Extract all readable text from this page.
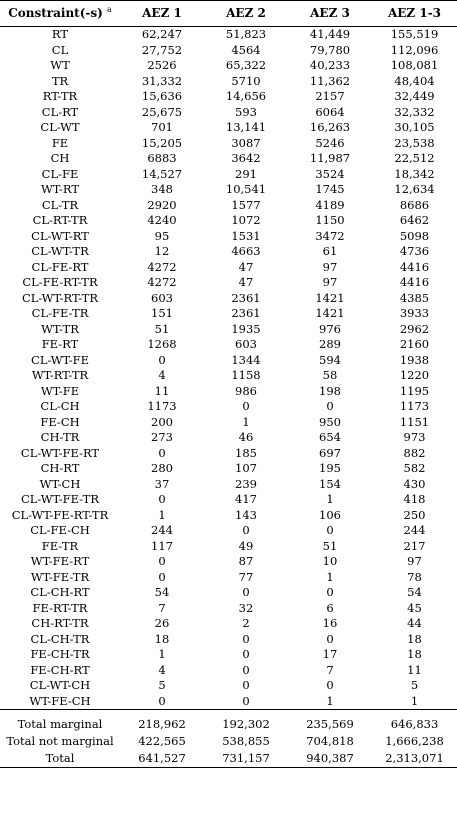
Constraint(-s) $^a$	AEZ 1	AEZ 2	AEZ 3	AEZ 1-3
RT	62,247	51,823	41,449	155,519
CL	27,752	4564	79,780	112,096
WT	2526	65,322	40,233	108,081
TR	31,332	5710	11,362	48,404
RT-TR	15,636	14,656	2157	32,449
CL-RT	25,675	593	6064	32,332
CL-WT	701	13,141	16,263	30,105
FE	15,205	3087	5246	23,538
CH	6883	3642	11,987	22,512
CL-FE	14,527	291	3524	18,342
WT-RT	348	10,541	1745	12,634
CL-TR	2920	1577	4189	8686
CL-RT-TR	4240	1072	1150	6462
CL-WT-RT	95	1531	3472	5098
CL-WT-TR	12	4663	61	4736
CL-FE-RT	4272	47	97	4416
CL-FE-RT-TR	4272	47	97	4416
CL-WT-RT-TR	603	2361	1421	4385
CL-FE-TR	151	2361	1421	3933
WT-TR	51	1935	976	2962
FE-RT	1268	603	289	2160
CL-WT-FE	0	1344	594	1938
WT-RT-TR	4	1158	58	1220
WT-FE	11	986	198	1195
CL-CH	1173	0	0	1173
FE-CH	200	1	950	1151
CH-TR	273	46	654	973
CL-WT-FE-RT	0	185	697	882
CH-RT	280	107	195	582
WT-CH	37	239	154	430
CL-WT-FE-TR	0	417	1	418
CL-WT-FE-RT-TR	1	143	106	250
CL-FE-CH	244	0	0	244
FE-TR	117	49	51	217
WT-FE-RT	0	87	10	97
WT-FE-TR	0	77	1	78
CL-CH-RT	54	0	0	54
FE-RT-TR	7	32	6	45
CH-RT-TR	26	2	16	44
CL-CH-TR	18	0	0	18
FE-CH-TR	1	0	17	18
FE-CH-RT	4	0	7	11
CL-WT-CH	5	0	0	5
WT-FE-CH	0	0	1	1
Total marginal	218,962	192,302	235,569	646,833
Total not marginal	422,565	538,855	704,818	1,666,238
Total	641,527	731,157	940,387	2,313,071
